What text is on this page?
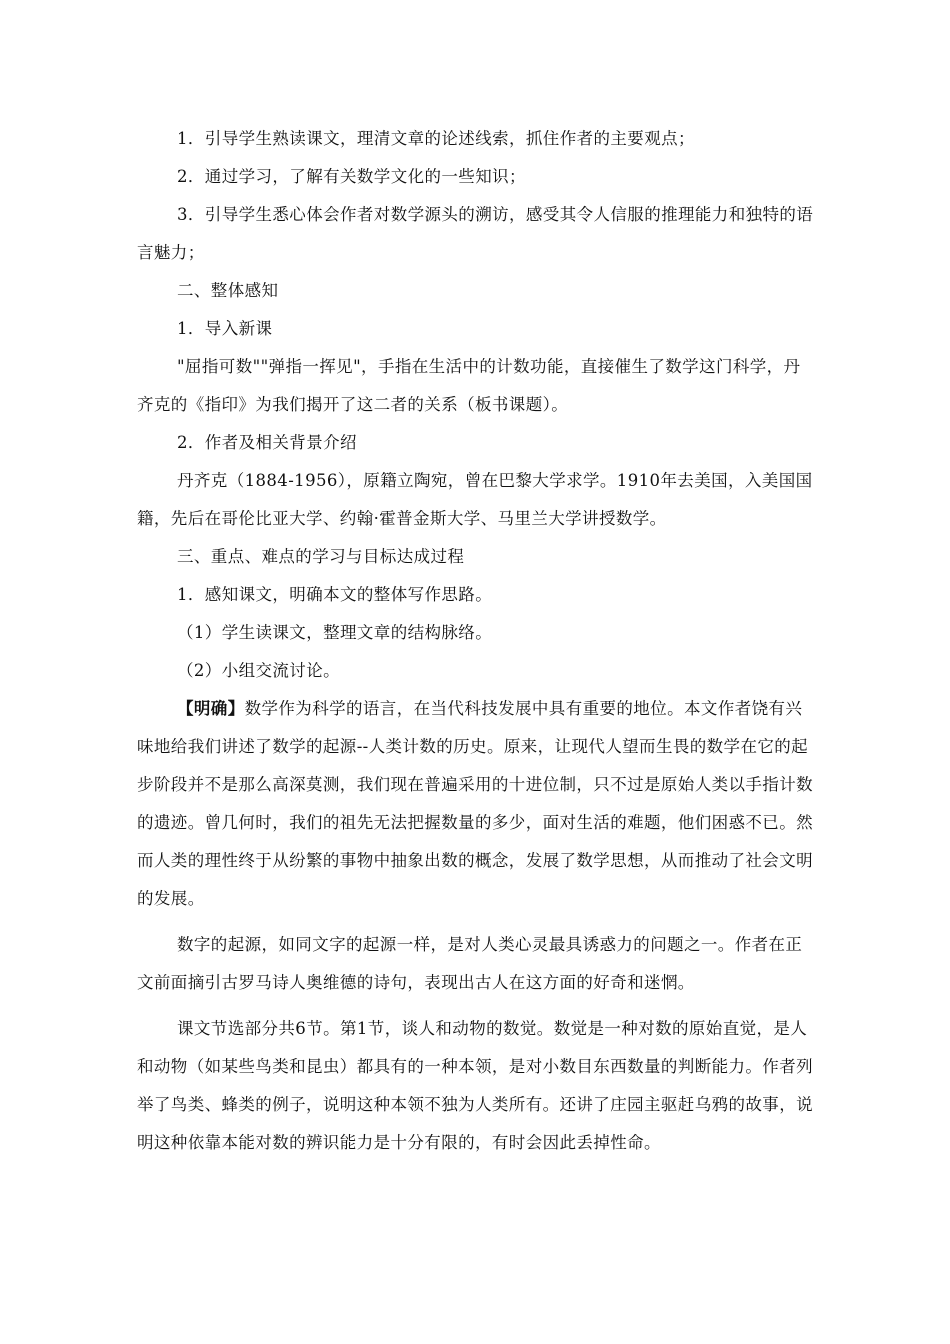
1．引导学生熟读课文，理清文章的论述线索，抓住作者的主要观点；

2．通过学习，了解有关数学文化的一些知识；

3．引导学生悉心体会作者对数学源头的溯访，感受其令人信服的推理能力和独特的语言魅力；

二、整体感知

1．导入新课

"屈指可数""弹指一挥见"，手指在生活中的计数功能，直接催生了数学这门科学，丹齐克的《指印》为我们揭开了这二者的关系（板书课题）。

2．作者及相关背景介绍

丹齐克（1884-1956），原籍立陶宛，曾在巴黎大学求学。1910年去美国，入美国国籍，先后在哥伦比亚大学、约翰·霍普金斯大学、马里兰大学讲授数学。

三、重点、难点的学习与目标达成过程

1．感知课文，明确本文的整体写作思路。

（1）学生读课文，整理文章的结构脉络。

（2）小组交流讨论。

【明确】数学作为科学的语言，在当代科技发展中具有重要的地位。本文作者饶有兴味地给我们讲述了数学的起源--人类计数的历史。原来，让现代人望而生畏的数学在它的起步阶段并不是那么高深莫测，我们现在普遍采用的十进位制，只不过是原始人类以手指计数的遗迹。曾几何时，我们的祖先无法把握数量的多少，面对生活的难题，他们困惑不已。然而人类的理性终于从纷繁的事物中抽象出数的概念，发展了数学思想，从而推动了社会文明的发展。

数字的起源，如同文字的起源一样，是对人类心灵最具诱惑力的问题之一。作者在正文前面摘引古罗马诗人奥维德的诗句，表现出古人在这方面的好奇和迷惘。

课文节选部分共6节。第1节，谈人和动物的数觉。数觉是一种对数的原始直觉，是人和动物（如某些鸟类和昆虫）都具有的一种本领，是对小数目东西数量的判断能力。作者列举了鸟类、蜂类的例子，说明这种本领不独为人类所有。还讲了庄园主驱赶乌鸦的故事，说明这种依靠本能对数的辨识能力是十分有限的，有时会因此丢掉性命。
